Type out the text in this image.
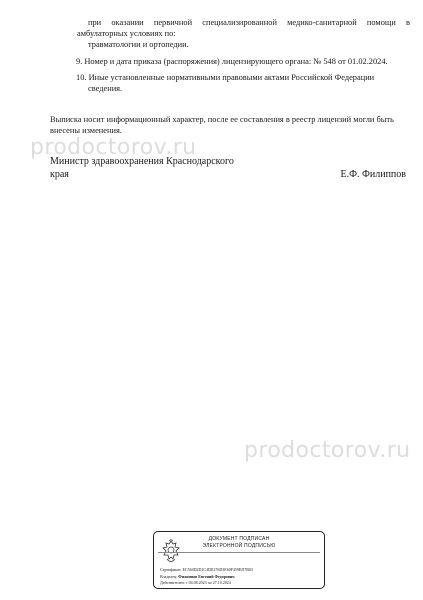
при оказании первичной специализированной медико-санитарной помощи в
амбулаторных условиях по:
травматологии и ортопедии.
9. Номер и дата приказа (распоряжения) лицензирующего органа: № 548 от 01.02.2024.
10. Иные установленные нормативными правовыми актами Российской Федерации
сведения.
Выписка носит информационный характер, после ее составления в реестр лицензий могли быть
внесены изменения.
prodoctorov.ru
Министр здравоохранения Краснодарского
края	Е.Ф. Филиппов
prodoctorov.ru
ДОКУМЕНТ ПОДПИСАН
ЭЛЕКТРОННОЙ ПОДПИСЬЮ
Сертификат: EC564D2D1C4DE276D3E60F459ED7B03
Владелец: Филиппов Евгений Федорович
Действителен: с 04.08.2023 по 27.10.2024
